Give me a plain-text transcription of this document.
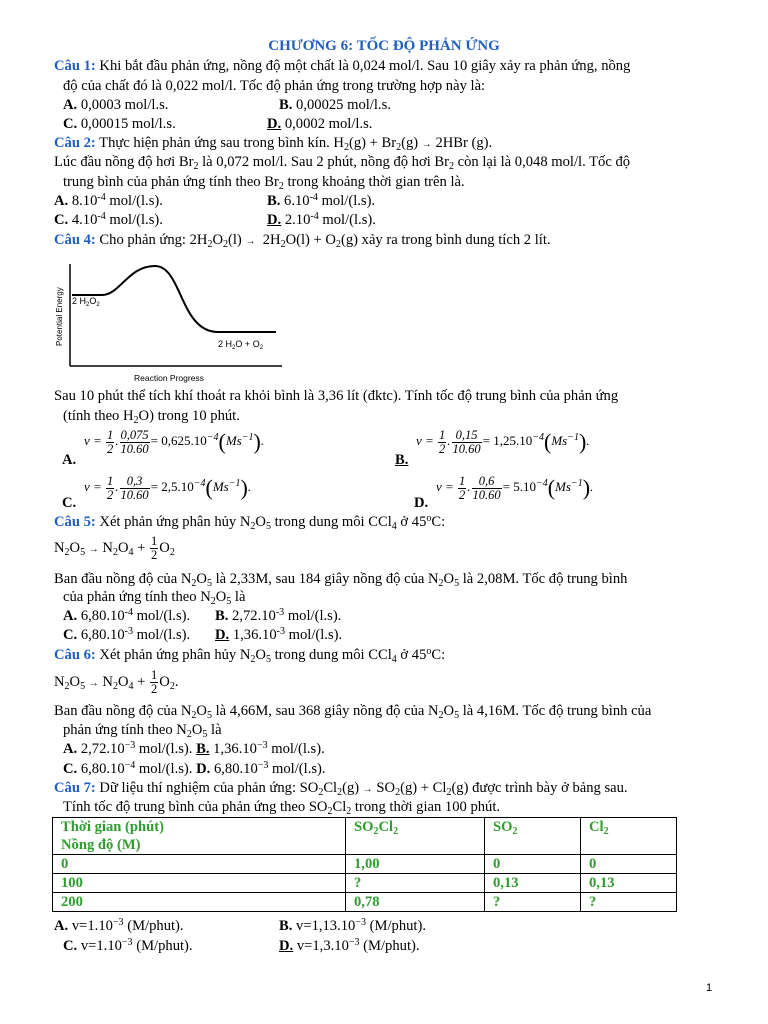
CHƯƠNG 6: TỐC ĐỘ PHẢN ỨNG
Câu 1: Khi bắt đầu phản ứng, nồng độ một chất là 0,024 mol/l. Sau 10 giây xảy ra phản ứng, nồng
độ của chất đó là 0,022 mol/l. Tốc độ phản ứng trong trường hợp này là:
A. 0,0003 mol/l.s.	B. 0,00025 mol/l.s.
C. 0,00015 mol/l.s.	D. 0,0002 mol/l.s.
Câu 2: Thực hiện phản ứng sau trong bình kín. $H_2(g) + Br_2(g) \to 2HBr$ (g).
Lúc đầu nồng độ hơi $Br_2$ là 0,072 mol/l. Sau 2 phút, nồng độ hơi $Br_2$ còn lại là 0,048 mol/l. Tốc độ
trung bình của phản ứng tính theo $Br_2$ trong khoảng thời gian trên là.
A. $8.10^{-4}$ mol/(l.s).	B. $6.10^{-4}$ mol/(l.s).
C. $4.10^{-4}$ mol/(l.s).	D. $2.10^{-4}$ mol/(l.s).
Câu 4: Cho phản ứng: $2H_2O_2(l) \to 2H_2O(l) + O_2(g)$ xảy ra trong bình dung tích 2 lít.
Potential Energy
Reaction Progress
2 $H_2O_2$
2 $H_2O + O_2$
Sau 10 phút thể tích khí thoát ra khỏi bình là 3,36 lít (đktc). Tính tốc độ trung bình của phản ứng
(tính theo $H_2O$) trong 10 phút.
A.
$v = \frac{1}{2}$ . $\frac{0,075}{10.60} = 0,625.10^{-4}(Ms^{-1})$.
B.
$v = \frac{1}{2}$ . $\frac{0,15}{10.60} = 1,25.10^{-4}(Ms^{-1})$.
C.
$v = \frac{1}{2}$ . $\frac{0,3}{10.60} = 2,5.10^{-4}(Ms^{-1})$.
D.
$v = \frac{1}{2}$ . $\frac{0,6}{10.60} = 5.10^{-4}(Ms^{-1})$.
Câu 5: Xét phản ứng phân hủy $N_2O_5$ trong dung môi CCl$_4$ ở 45$^o$C:
$N_2O_5 \to N_2O_4 + \frac{1}{2} O_2$
Ban đầu nồng độ của $N_2O_5$ là 2,33M, sau 184 giây nồng độ của $N_2O_5$ là 2,08M. Tốc độ trung bình
của phản ứng tính theo $N_2O_5$ là
A. $6,80.10^{-4}$ mol/(l.s). B. $2,72.10^{-3}$ mol/(l.s).
C. $6,80.10^{-3}$ mol/(l.s). D. $1,36.10^{-3}$ mol/(l.s).
Câu 6: Xét phản ứng phân hủy $N_2O_5$ trong dung môi CCl$_4$ ở 45$^o$C:
$N_2O_5 \to N_2O_4 + \frac{1}{2} O_2$.
Ban đầu nồng độ của $N_2O_5$ là 4,66M, sau 368 giây nồng độ của $N_2O_5$ là 4,16M. Tốc độ trung bình của
phản ứng tính theo $N_2O_5$ là
A. $2,72.10^{-3}$ mol/(l.s). B. $1,36.10^{-3}$ mol/(l.s).
C. $6,80.10^{-4}$ mol/(l.s). D. $6,80.10^{-3}$ mol/(l.s).
Câu 7: Dữ liệu thí nghiệm của phản ứng: $SO_2Cl_2(g) \to SO_2(g) + Cl_2(g)$ được trình bày ở bảng sau.
Tính tốc độ trung bình của phản ứng theo $SO_2Cl_2$ trong thời gian 100 phút.
Thời gian (phút)
Nồng độ (M)	$SO_2Cl_2$	$SO_2$	$Cl_2$
0	1,00	0	0
100	?	0,13	0,13
200	0,78	?	?
A. $v=1.10^{-3}$ (M/phut).	B. $v=1,13.10^{-3}$ (M/phut).
C. $v=1.10^{-3}$ (M/phut).	D. $v=1,3.10^{-3}$ (M/phut).
1
